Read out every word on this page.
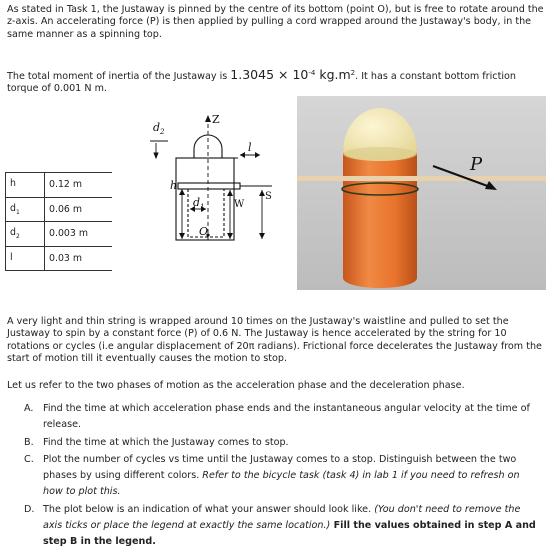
As stated in Task 1, the Justaway is pinned by the centre of its bottom (point O), but is free to rotate around the z-axis. An accelerating force (P) is then applied by pulling a cord wrapped around the Justaway's body, in the same manner as a spinning top.

The total moment of inertia of the Justaway is $1.3045 \times 10^{-4}$ $kg.m^2$. It has a constant bottom friction torque of 0.001 N m.

h	0.12 m
$d_1$	0.06 m
$d_2$	0.003 m
l	0.03 m
$d_2$
Z
l
h
$d_1$	W
S
O
P

A very light and thin string is wrapped around 10 times on the Justaway's waistline and pulled to set the Justaway to spin by a constant force (P) of 0.6 N. The Justaway is hence accelerated by the string for 10 rotations or cycles (i.e angular displacement of 20π radians). Frictional force decelerates the Justaway from the start of motion till it eventually causes the motion to stop.

Let us refer to the two phases of motion as the acceleration phase and the deceleration phase.

A. Find the time at which acceleration phase ends and the instantaneous angular velocity at the time of release.
B. Find the time at which the Justaway comes to stop.
C. Plot the number of cycles vs time until the Justaway comes to a stop. Distinguish between the two phases by using different colors. Refer to the bicycle task (task 4) in lab 1 if you need to refresh on how to plot this.
D. The plot below is an indication of what your answer should look like. (You don't need to remove the axis ticks or place the legend at exactly the same location.) Fill the values obtained in step A and step B in the legend.
